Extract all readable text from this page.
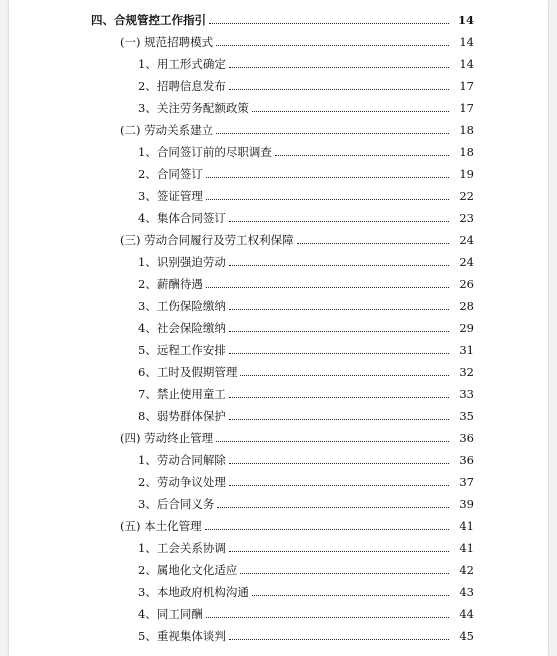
四、合规管控工作指引	14
(一) 规范招聘模式	14
1、用工形式确定	14
2、招聘信息发布	17
3、关注劳务配额政策	17
(二) 劳动关系建立	18
1、合同签订前的尽职调查	18
2、合同签订	19
3、签证管理	22
4、集体合同签订	23
(三) 劳动合同履行及劳工权利保障	24
1、识别强迫劳动	24
2、薪酬待遇	26
3、工伤保险缴纳	28
4、社会保险缴纳	29
5、远程工作安排	31
6、工时及假期管理	32
7、禁止使用童工	33
8、弱势群体保护	35
(四) 劳动终止管理	36
1、劳动合同解除	36
2、劳动争议处理	37
3、后合同义务	39
(五) 本土化管理	41
1、工会关系协调	41
2、属地化文化适应	42
3、本地政府机构沟通	43
4、同工同酬	44
5、重视集体谈判	45
